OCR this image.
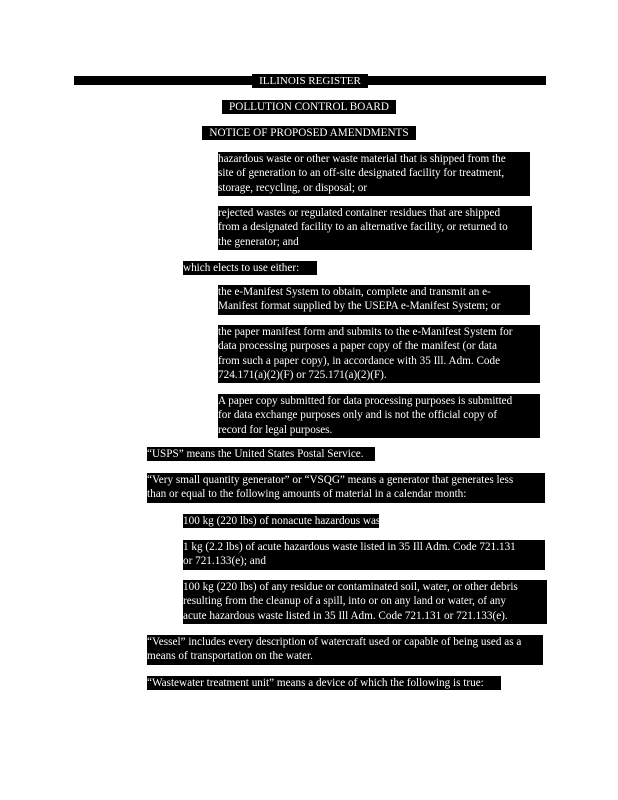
ILLINOIS REGISTER
POLLUTION CONTROL BOARD
NOTICE OF PROPOSED AMENDMENTS
hazardous waste or other waste material that is shipped from the
site of generation to an off-site designated facility for treatment,
storage, recycling, or disposal; or
rejected wastes or regulated container residues that are shipped
from a designated facility to an alternative facility, or returned to
the generator; and
which elects to use either:
the e-Manifest System to obtain, complete and transmit an e-
Manifest format supplied by the USEPA e-Manifest System; or
the paper manifest form and submits to the e-Manifest System for
data processing purposes a paper copy of the manifest (or data
from such a paper copy), in accordance with 35 Ill. Adm. Code
724.171(a)(2)(F) or 725.171(a)(2)(F).
A paper copy submitted for data processing purposes is submitted
for data exchange purposes only and is not the official copy of
record for legal purposes.
“USPS” means the United States Postal Service.
“Very small quantity generator” or “VSQG” means a generator that generates less
than or equal to the following amounts of material in a calendar month:
100 kg (220 lbs) of nonacute hazardous waste;
1 kg (2.2 lbs) of acute hazardous waste listed in 35 Ill Adm. Code 721.131
or 721.133(e); and
100 kg (220 lbs) of any residue or contaminated soil, water, or other debris
resulting from the cleanup of a spill, into or on any land or water, of any
acute hazardous waste listed in 35 Ill Adm. Code 721.131 or 721.133(e).
“Vessel” includes every description of watercraft used or capable of being used as a
means of transportation on the water.
“Wastewater treatment unit” means a device of which the following is true:
